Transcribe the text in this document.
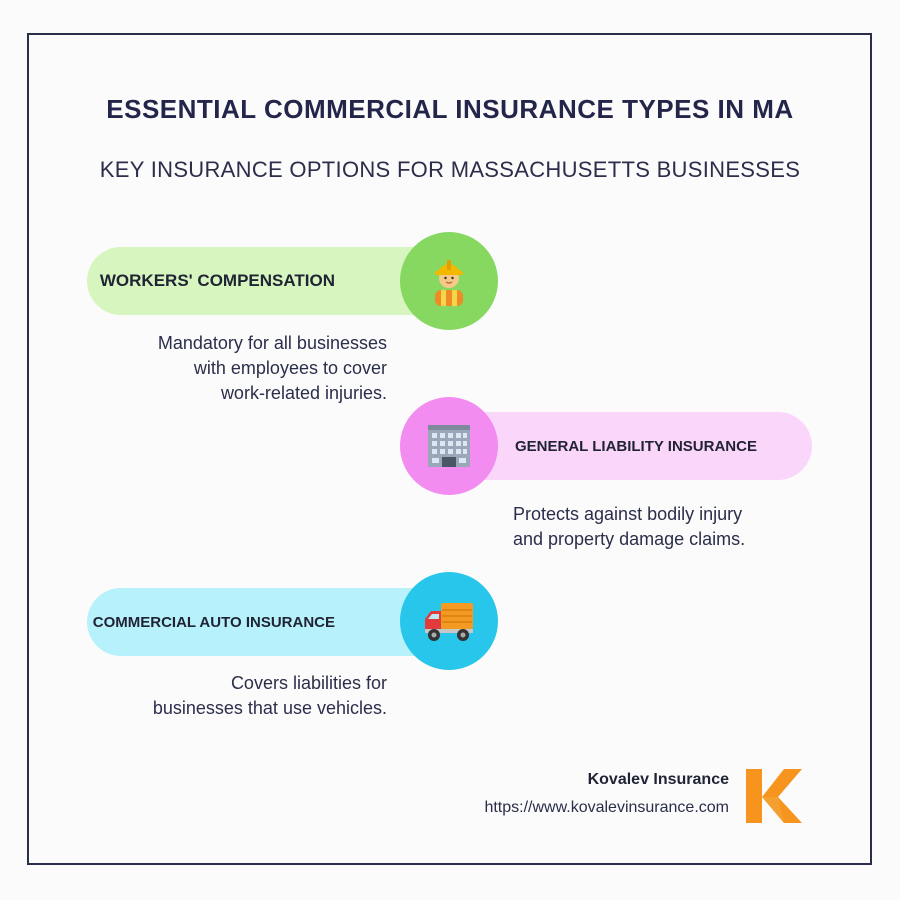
ESSENTIAL COMMERCIAL INSURANCE TYPES IN MA
KEY INSURANCE OPTIONS FOR MASSACHUSETTS BUSINESSES
WORKERS' COMPENSATION
Mandatory for all businesses
with employees to cover
work-related injuries.
GENERAL LIABILITY INSURANCE
Protects against bodily injury
and property damage claims.
COMMERCIAL AUTO INSURANCE
Covers liabilities for
businesses that use vehicles.
Kovalev Insurance
https://www.kovalevinsurance.com
